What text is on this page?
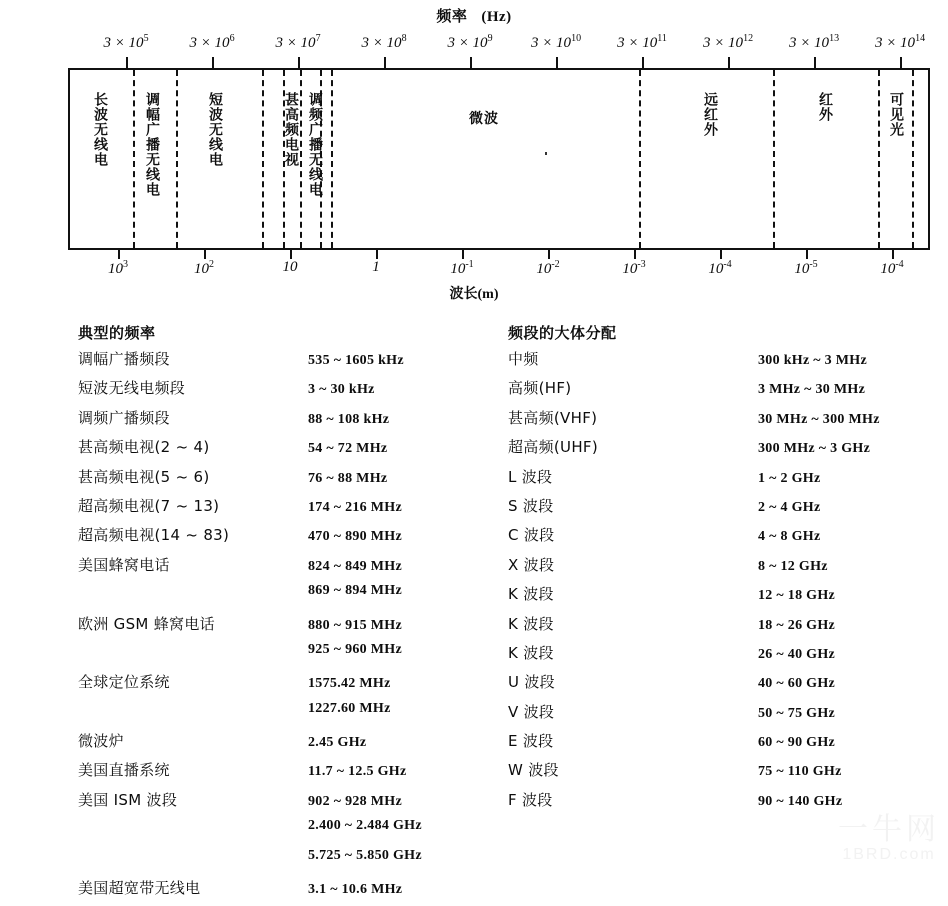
频率 (Hz)
$3 \times 10^5$	$3 \times 10^6$	$3 \times 10^7$	$3 \times 10^8$	$3 \times 10^9$	$3 \times 10^{10}$ $3 \times 10^{11}$ $3 \times 10^{12}$ $3 \times 10^{13}$ $3 \times 10^{14}$
$10^3$	$10^2$	10	1	$10^{-1}$	$10^{-2}$	$10^{-3}$	$10^{-4}$	$10^{-5}$	$10^{-4}$
长波无线电	调幅广播无线电	短波无线电	甚高频电视 调频广播无线电	微波	远红外	红外	可见光
波长(m)
典型的频率
调幅广播频段	535 ~ 1605 kHz
短波无线电频段	3 ~ 30 kHz
调频广播频段	88 ~ 108 kHz
甚高频电视(2 ~ 4)	54 ~ 72 MHz
甚高频电视(5 ~ 6)	76 ~ 88 MHz
超高频电视(7 ~ 13)	174 ~ 216 MHz
超高频电视(14 ~ 83)	470 ~ 890 MHz
美国蜂窝电话	824 ~ 849 MHz
869 ~ 894 MHz
欧洲 GSM 蜂窝电话	880 ~ 915 MHz
925 ~ 960 MHz
全球定位系统	1575.42 MHz
1227.60 MHz
微波炉	2.45 GHz
美国直播系统	11.7 ~ 12.5 GHz
美国 ISM 波段	902 ~ 928 MHz
2.400 ~ 2.484 GHz
5.725 ~ 5.850 GHz
美国超宽带无线电	3.1 ~ 10.6 MHz
频段的大体分配
中频	300 kHz ~ 3 MHz
高频(HF)	3 MHz ~ 30 MHz
甚高频(VHF)	30 MHz ~ 300 MHz
超高频(UHF)	300 MHz ~ 3 GHz
L 波段	1 ~ 2 GHz
S 波段	2 ~ 4 GHz
C 波段	4 ~ 8 GHz
X 波段	8 ~ 12 GHz
K 波段	12 ~ 18 GHz
K 波段	18 ~ 26 GHz
K 波段	26 ~ 40 GHz
U 波段	40 ~ 60 GHz
V 波段	50 ~ 75 GHz
E 波段	60 ~ 90 GHz
W 波段	75 ~ 110 GHz
F 波段	90 ~ 140 GHz
一牛网
1BRD.com
